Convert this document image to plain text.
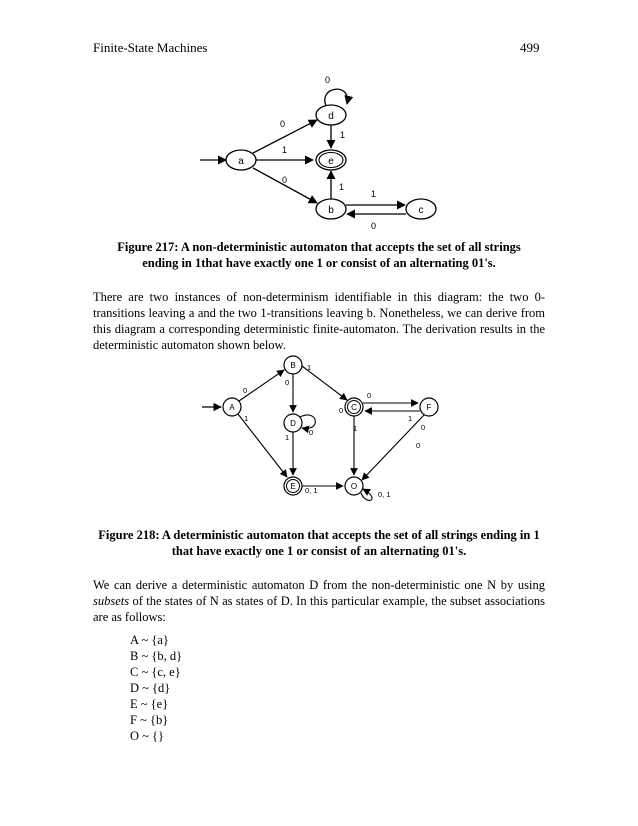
Finite-State Machines	499
a
d
e
b	c
0
0
1
1
0
1
1
0
A
B
D
E
C	F
O
0
1
0
1
0
1
0
0
1
1	0
0
0, 1	0, 1
Figure 217: A non-deterministic automaton that accepts the set of all strings
ending in 1that have exactly one 1 or consist of an alternating 01's.
There are two instances of non-determinism identifiable in this diagram: the two 0-
transitions leaving a and the two 1-transitions leaving b. Nonetheless, we can derive from
this diagram a corresponding deterministic finite-automaton. The derivation results in the
deterministic automaton shown below.
Figure 218: A deterministic automaton that accepts the set of all strings ending in 1
that have exactly one 1 or consist of an alternating 01's.
We can derive a deterministic automaton D from the non-deterministic one N by using
subsets of the states of N as states of D. In this particular example, the subset associations
are as follows:
A ~ {a}
B ~ {b, d}
C ~ {c, e}
D ~ {d}
E ~ {e}
F ~ {b}
O ~ {}
